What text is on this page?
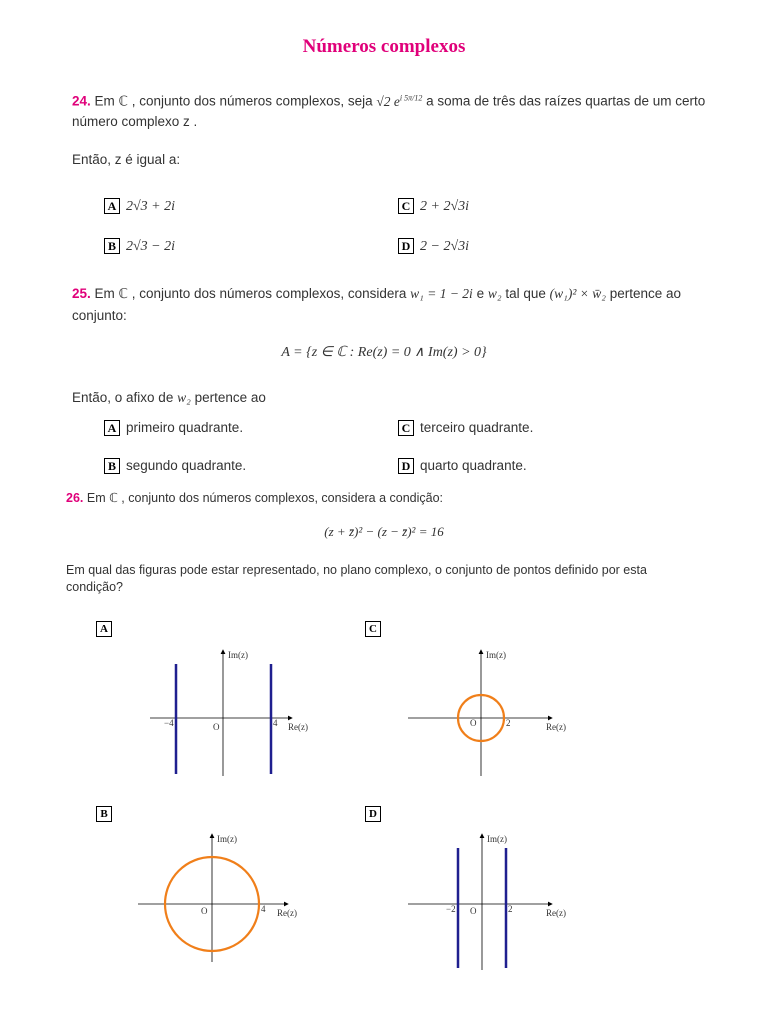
Números complexos
24. Em ℂ , conjunto dos números complexos, seja √2 $e^{i 5\pi/12}$ a soma de três das raízes quartas de um certo
número complexo z .
Então, z é igual a:
A 2√3 + 2i
B 2√3 − 2i
C 2 + 2√3i
D 2 − 2√3i
25. Em ℂ , conjunto dos números complexos, considera w₁ = 1 − 2i e w₂ tal que (w₁)² × w̄₂ pertence ao
conjunto:
A = {z ∈ ℂ : Re(z) = 0 ∧ Im(z) > 0}
Então, o afixo de w₂ pertence ao
A primeiro quadrante.
B segundo quadrante.
C terceiro quadrante.
D quarto quadrante.
26. Em ℂ , conjunto dos números complexos, considera a condição:
(z + z̄)² − (z − z̄)² = 16
Em qual das figuras pode estar representado, no plano complexo, o conjunto de pontos definido por esta
condição?
A	C
B	D
Im(z)
Re(z)
O
−4	4
Im(z)
Re(z)
O	2
Im(z)
Re(z)
O	4
Im(z)
Re(z)
O
−2	2
